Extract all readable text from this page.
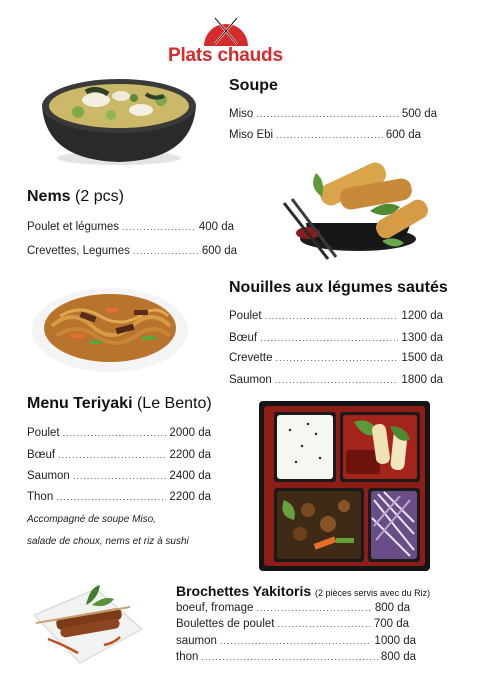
Plats chauds
Soupe
Miso .....	500 da
Miso Ebi .....	600 da
Nems (2 pcs)
Poulet et légumes .....	400 da
Crevettes, Legumes .....	600 da
Nouilles aux légumes sautés
Poulet .....	1200 da
Bœuf .....	1300 da
Crevette .....	1500 da
Saumon .....	1800 da
Menu Teriyaki (Le Bento)
Poulet .....	2000 da
Bœuf .....	2200 da
Saumon .....	2400 da
Thon .....	2200 da
Accompagné de soupe Miso,
salade de choux, nems et riz à sushi
Brochettes Yakitoris (2 pièces servis avec du Riz)
boeuf, fromage .....	800 da
Boulettes de poulet .....	700 da
saumon .....	1000 da
thon .....	800 da
